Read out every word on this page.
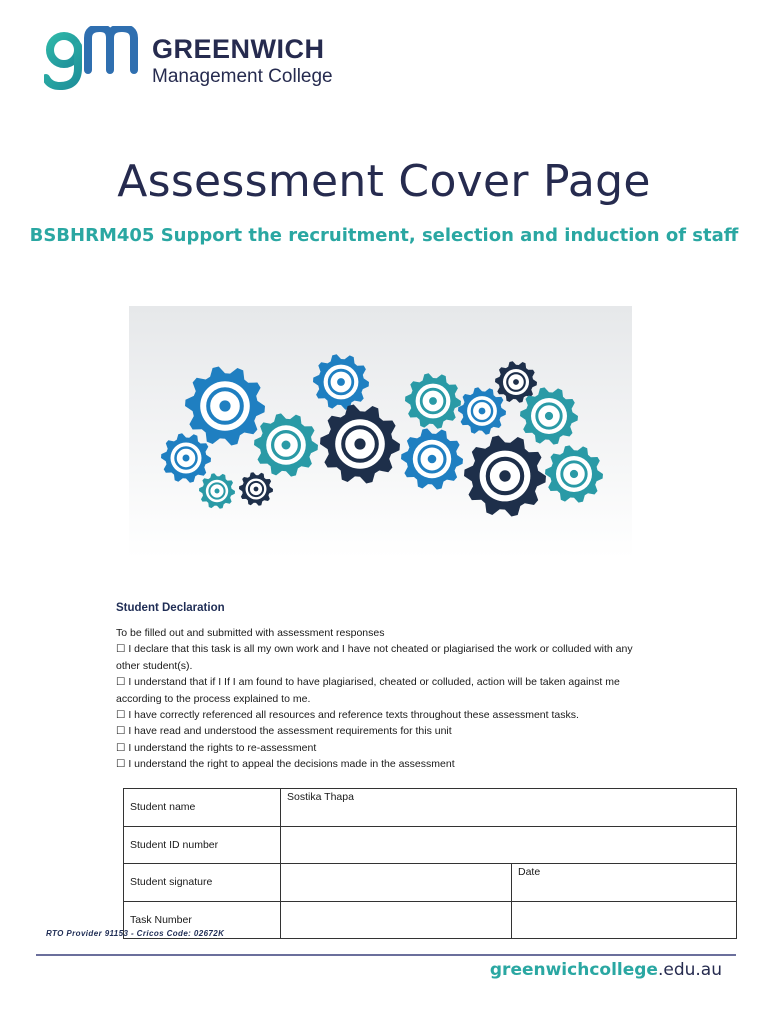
GREENWICH
Management College
Assessment Cover Page
BSBHRM405 Support the recruitment, selection and induction of staff
Student Declaration

To be filled out and submitted with assessment responses

☐ I declare that this task is all my own work and I have not cheated or plagiarised the work or colluded with any other student(s).

☐ I understand that if I If I am found to have plagiarised, cheated or colluded, action will be taken against me according to the process explained to me.

☐ I have correctly referenced all resources and reference texts throughout these assessment tasks.

☐ I have read and understood the assessment requirements for this unit

☐ I understand the rights to re-assessment

☐ I understand the right to appeal the decisions made in the assessment

Student name	Sostika Thapa	
Student ID number		
Student signature		Date
Task Number		
RTO Provider 91153 - Cricos Code: 02672K
greenwichcollege.edu.au
